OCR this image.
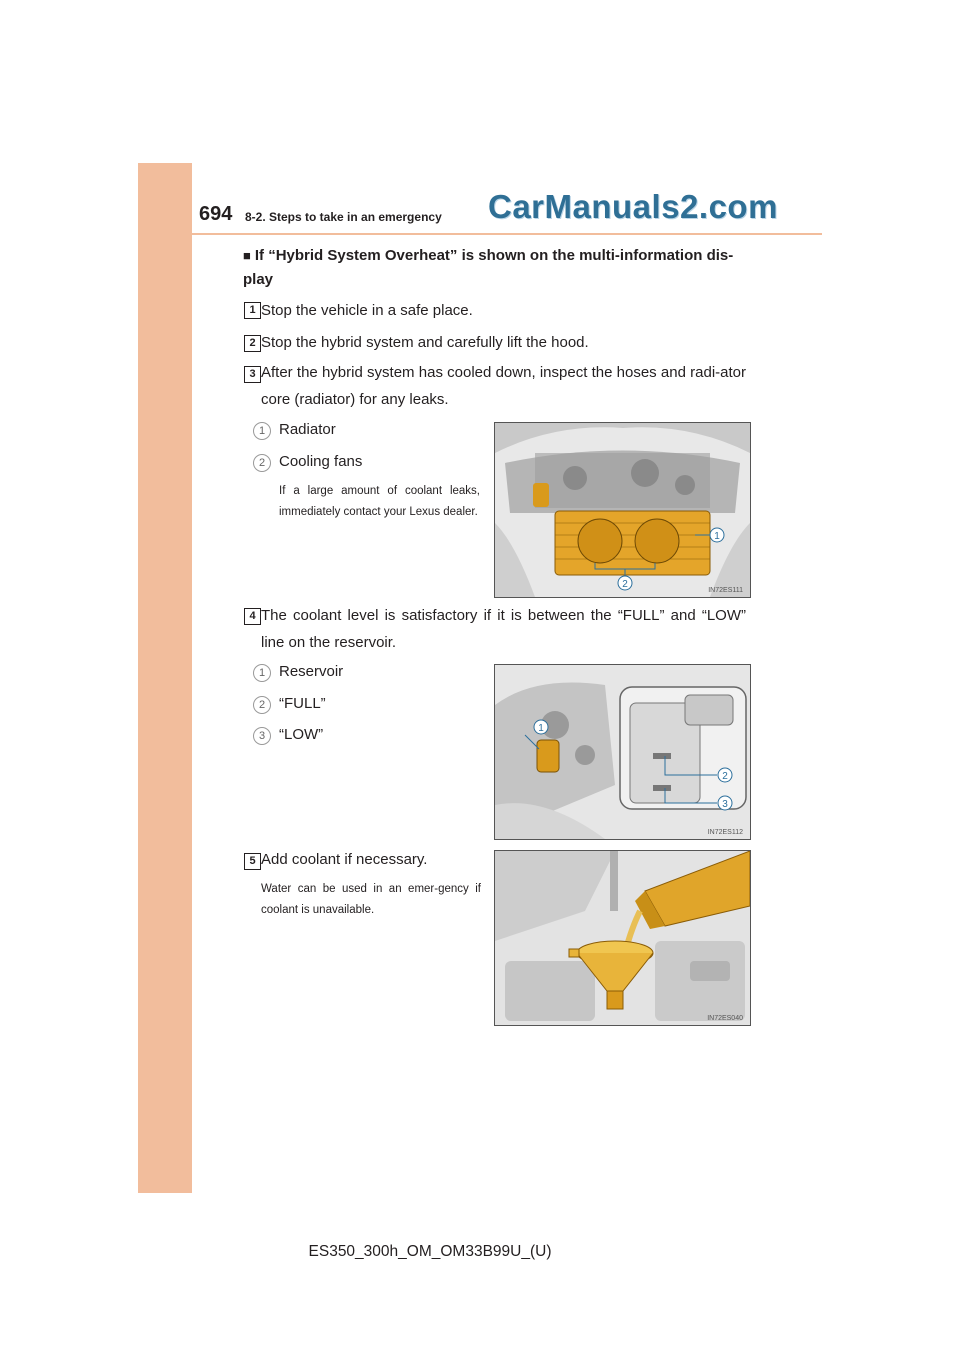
694 8-2. Steps to take in an emergency CarManuals2.com
■ If “Hybrid System Overheat” is shown on the multi-information dis-play
1 Stop the vehicle in a safe place.
2 Stop the hybrid system and carefully lift the hood.
3 After the hybrid system has cooled down, inspect the hoses and radi-ator core (radiator) for any leaks.
1 Radiator
2 Cooling fans
If a large amount of coolant leaks, immediately contact your Lexus dealer.
1
2
IN72ES111
4 The coolant level is satisfactory if it is between the “FULL” and “LOW” line on the reservoir.
1 Reservoir
2 “FULL”
3 “LOW”	1
2
3
IN72ES112
5 Add coolant if necessary.
Water can be used in an emer-gency if coolant is unavailable.
IN72ES040
ES350_300h_OM_OM33B99U_(U)
